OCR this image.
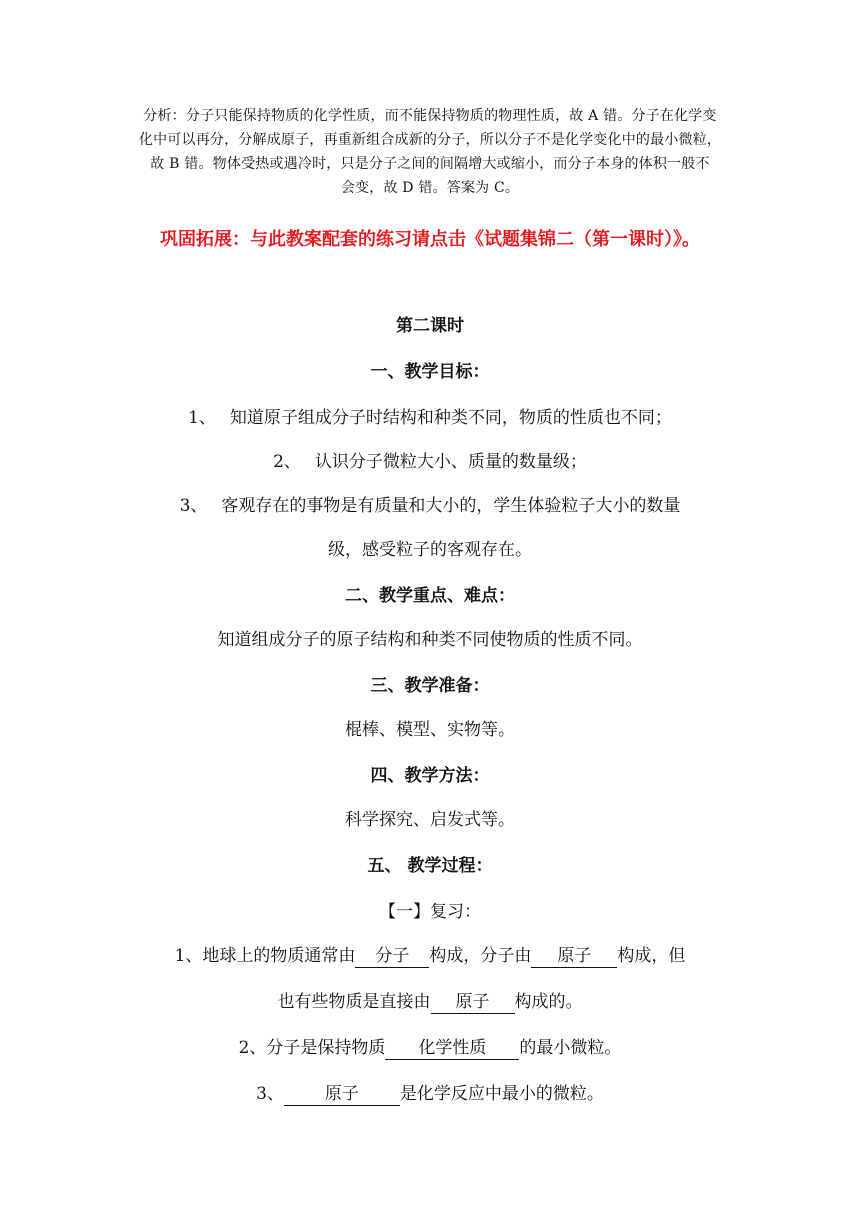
分析：分子只能保持物质的化学性质，而不能保持物质的物理性质，故 A 错。分子在化学变
化中可以再分，分解成原子，再重新组合成新的分子，所以分子不是化学变化中的最小微粒，
故 B 错。物体受热或遇冷时，只是分子之间的间隔增大或缩小，而分子本身的体积一般不
会变，故 D 错。答案为 C。
巩固拓展：与此教案配套的练习请点击《试题集锦二（第一课时）》。
第二课时
一、教学目标：
1、 知道原子组成分子时结构和种类不同，物质的性质也不同；
2、 认识分子微粒大小、质量的数量级；
3、 客观存在的事物是有质量和大小的，学生体验粒子大小的数量
级，感受粒子的客观存在。
二、教学重点、难点：
知道组成分子的原子结构和种类不同使物质的性质不同。
三、教学准备：
棍棒、模型、实物等。
四、教学方法：
科学探究、启发式等。
五、 教学过程：
【一】复习：
1、地球上的物质通常由 分子 构成，分子由 原子 构成，但
也有些物质是直接由 原子 构成的。
2、分子是保持物质 化学性质 的最小微粒。
3、 原子 是化学反应中最小的微粒。
